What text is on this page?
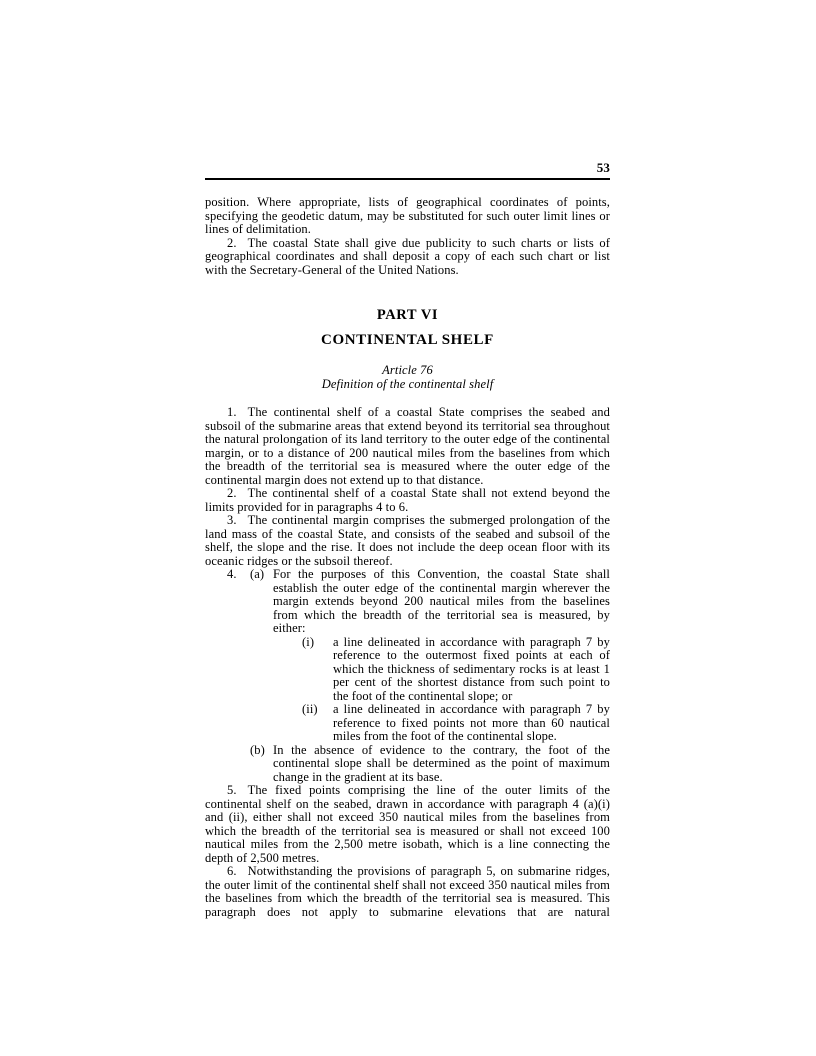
53

position. Where appropriate, lists of geographical coordinates of points, specifying the geodetic datum, may be substituted for such outer limit lines or lines of delimitation.

2. The coastal State shall give due publicity to such charts or lists of geographical coordinates and shall deposit a copy of each such chart or list with the Secretary-General of the United Nations.

PART VI
CONTINENTAL SHELF
Article 76
Definition of the continental shelf

1. The continental shelf of a coastal State comprises the seabed and subsoil of the submarine areas that extend beyond its territorial sea throughout the natural prolongation of its land territory to the outer edge of the continental margin, or to a distance of 200 nautical miles from the baselines from which the breadth of the territorial sea is measured where the outer edge of the continental margin does not extend up to that distance.

2. The continental shelf of a coastal State shall not extend beyond the limits provided for in paragraphs 4 to 6.

3. The continental margin comprises the submerged prolongation of the land mass of the coastal State, and consists of the seabed and subsoil of the shelf, the slope and the rise. It does not include the deep ocean floor with its oceanic ridges or the subsoil thereof.

4. (a) For the purposes of this Convention, the coastal State shall establish the outer edge of the continental margin wherever the margin extends beyond 200 nautical miles from the baselines from which the breadth of the territorial sea is measured, by either:
(i) a line delineated in accordance with paragraph 7 by reference to the outermost fixed points at each of which the thickness of sedimentary rocks is at least 1 per cent of the shortest distance from such point to the foot of the continental slope; or
(ii) a line delineated in accordance with paragraph 7 by reference to fixed points not more than 60 nautical miles from the foot of the continental slope.
(b) In the absence of evidence to the contrary, the foot of the continental slope shall be determined as the point of maximum change in the gradient at its base.

5. The fixed points comprising the line of the outer limits of the continental shelf on the seabed, drawn in accordance with paragraph 4 (a)(i) and (ii), either shall not exceed 350 nautical miles from the baselines from which the breadth of the territorial sea is measured or shall not exceed 100 nautical miles from the 2,500 metre isobath, which is a line connecting the depth of 2,500 metres.

6. Notwithstanding the provisions of paragraph 5, on submarine ridges, the outer limit of the continental shelf shall not exceed 350 nautical miles from the baselines from which the breadth of the territorial sea is measured. This paragraph does not apply to submarine elevations that are natural
